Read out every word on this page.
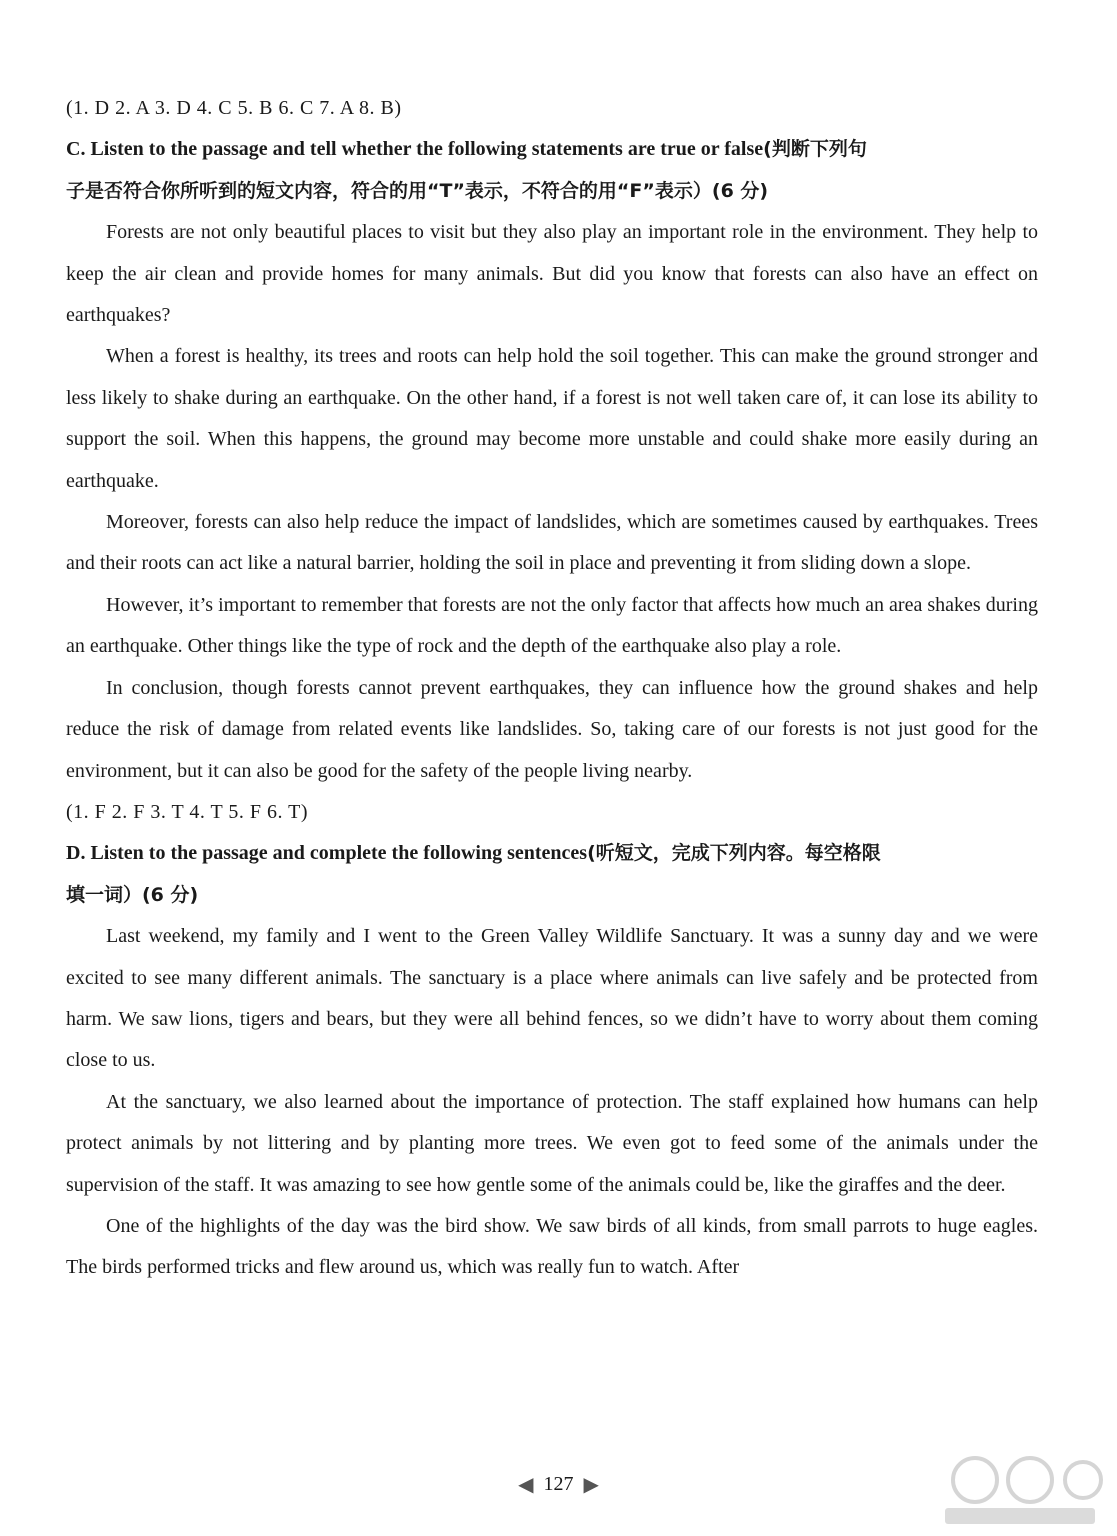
(1. D 2. A 3. D 4. C 5. B 6. C 7. A 8. B)
C. Listen to the passage and tell whether the following statements are true or false(判断下列句
子是否符合你所听到的短文内容，符合的用“T”表示，不符合的用“F”表示）(6 分)

Forests are not only beautiful places to visit but they also play an important role in the environment. They help to keep the air clean and provide homes for many animals. But did you know that forests can also have an effect on earthquakes?

When a forest is healthy, its trees and roots can help hold the soil together. This can make the ground stronger and less likely to shake during an earthquake. On the other hand, if a forest is not well taken care of, it can lose its ability to support the soil. When this happens, the ground may become more unstable and could shake more easily during an earthquake.

Moreover, forests can also help reduce the impact of landslides, which are sometimes caused by earthquakes. Trees and their roots can act like a natural barrier, holding the soil in place and preventing it from sliding down a slope.

However, it’s important to remember that forests are not the only factor that affects how much an area shakes during an earthquake. Other things like the type of rock and the depth of the earthquake also play a role.

In conclusion, though forests cannot prevent earthquakes, they can influence how the ground shakes and help reduce the risk of damage from related events like landslides. So, taking care of our forests is not just good for the environment, but it can also be good for the safety of the people living nearby.

(1. F 2. F 3. T 4. T 5. F 6. T)
D. Listen to the passage and complete the following sentences(听短文，完成下列内容。每空格限
填一词）(6 分)

Last weekend, my family and I went to the Green Valley Wildlife Sanctuary. It was a sunny day and we were excited to see many different animals. The sanctuary is a place where animals can live safely and be protected from harm. We saw lions, tigers and bears, but they were all behind fences, so we didn’t have to worry about them coming close to us.

At the sanctuary, we also learned about the importance of protection. The staff explained how humans can help protect animals by not littering and by planting more trees. We even got to feed some of the animals under the supervision of the staff. It was amazing to see how gentle some of the animals could be, like the giraffes and the deer.

One of the highlights of the day was the bird show. We saw birds of all kinds, from small parrots to huge eagles. The birds performed tricks and flew around us, which was really fun to watch. After

◀ 127 ▶
